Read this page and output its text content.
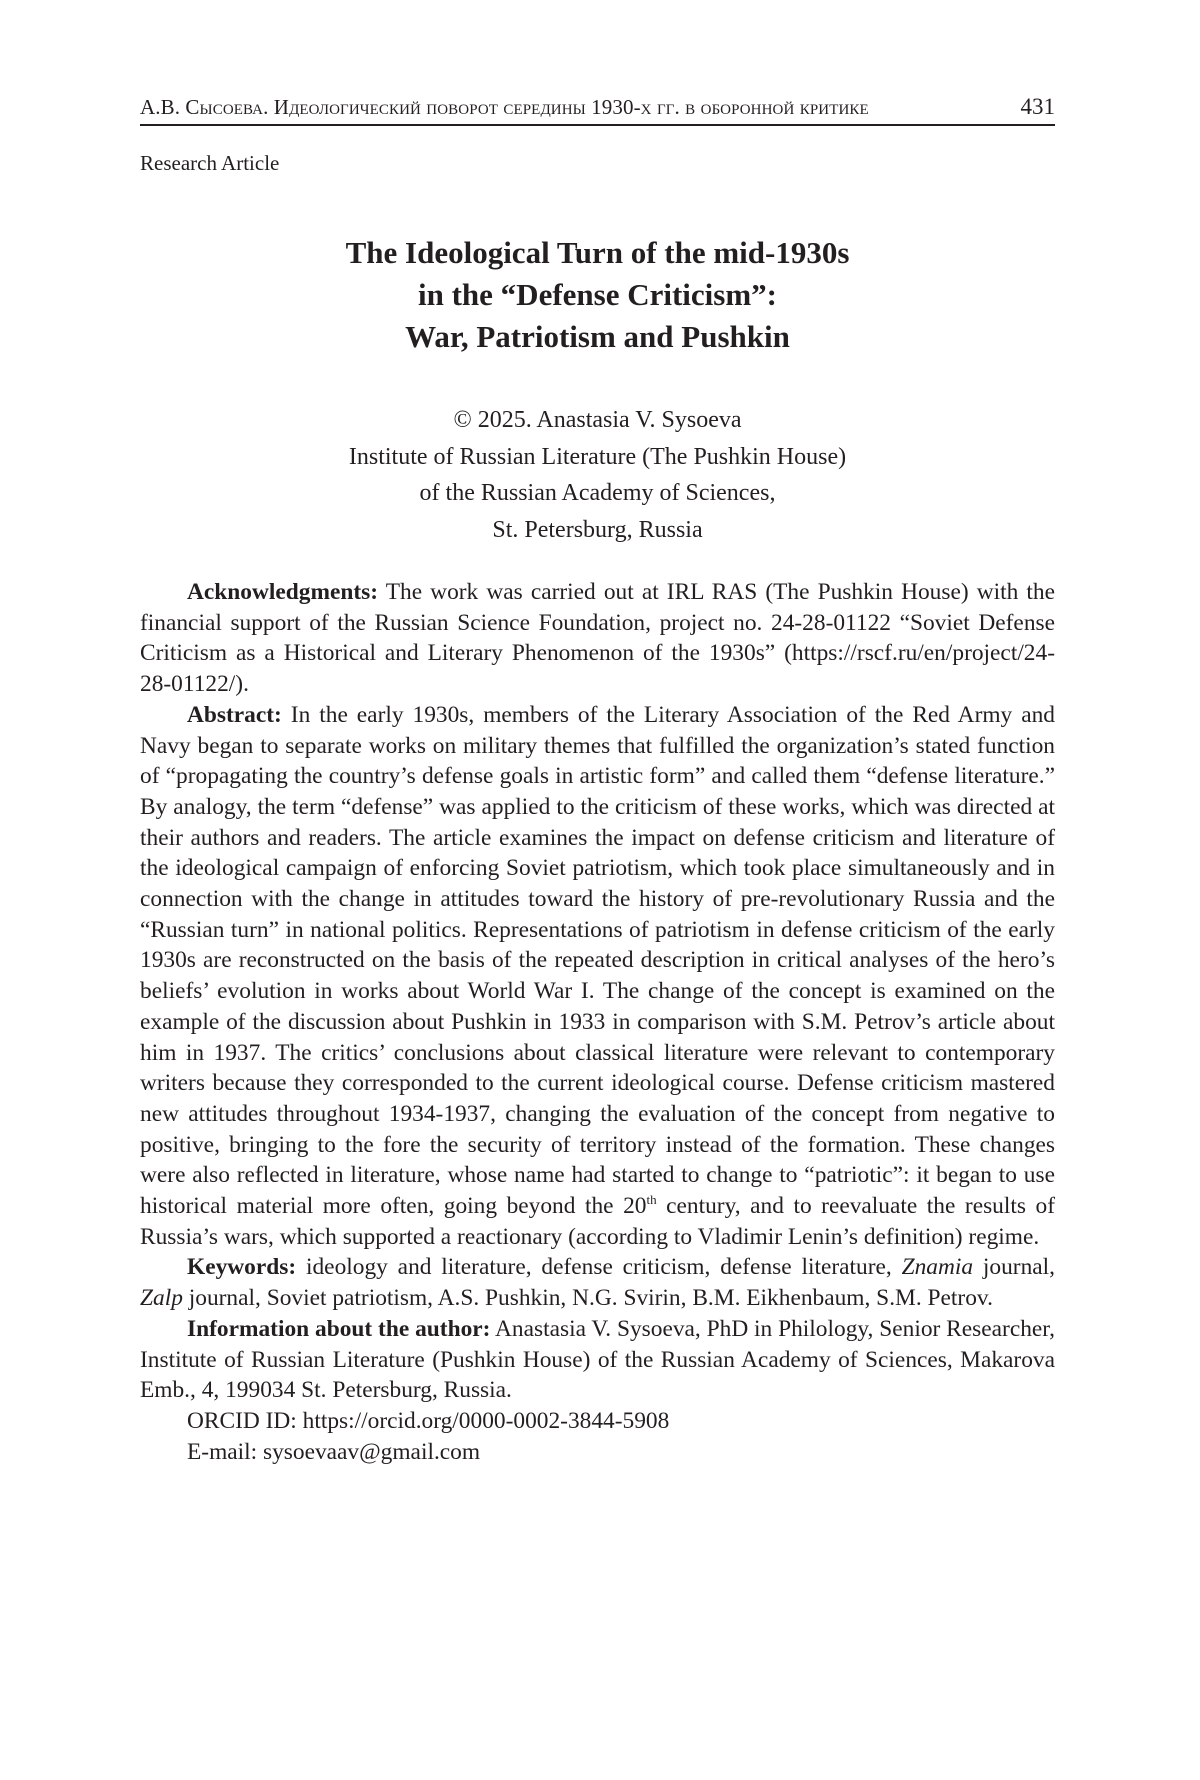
А.В. Сысоева. Идеологический поворот середины 1930-х гг. в оборонной критике	431
Research Article
The Ideological Turn of the mid-1930s
in the “Defense Criticism”:
War, Patriotism and Pushkin
© 2025. Anastasia V. Sysoeva
Institute of Russian Literature (The Pushkin House)
of the Russian Academy of Sciences,
St. Petersburg, Russia

Acknowledgments: The work was carried out at IRL RAS (The Pushkin House) with the financial support of the Russian Science Foundation, project no. 24-28-01122 “Soviet Defense Criticism as a Historical and Literary Phenomenon of the 1930s” (https://rscf.ru/en/project/24-28-01122/).

Abstract: In the early 1930s, members of the Literary Association of the Red Army and Navy began to separate works on military themes that fulfilled the organization’s stated function of “propagating the country’s defense goals in artistic form” and called them “defense literature.” By analogy, the term “defense” was applied to the criticism of these works, which was directed at their authors and readers. The article examines the impact on defense criticism and literature of the ideological campaign of enforcing Soviet patriotism, which took place simultaneously and in connection with the change in attitudes toward the history of pre-revolutionary Russia and the “Russian turn” in national politics. Representations of patriotism in defense criticism of the early 1930s are reconstructed on the basis of the repeated description in critical analyses of the hero’s beliefs’ evolution in works about World War I. The change of the concept is examined on the example of the discussion about Pushkin in 1933 in comparison with S.M. Petrov’s article about him in 1937. The critics’ conclusions about classical literature were relevant to contemporary writers because they corresponded to the current ideological course. Defense criticism mastered new attitudes throughout 1934-1937, changing the evaluation of the concept from negative to positive, bringing to the fore the security of territory instead of the formation. These changes were also reflected in literature, whose name had started to change to “patriotic”: it began to use historical material more often, going beyond the 20th century, and to reevaluate the results of Russia’s wars, which supported a reactionary (according to Vladimir Lenin’s definition) regime.

Keywords: ideology and literature, defense criticism, defense literature, Znamia journal, Zalp journal, Soviet patriotism, A.S. Pushkin, N.G. Svirin, B.M. Eikhenbaum, S.M. Petrov.

Information about the author: Anastasia V. Sysoeva, PhD in Philology, Senior Researcher, Institute of Russian Literature (Pushkin House) of the Russian Academy of Sciences, Makarova Emb., 4, 199034 St. Petersburg, Russia.

ORCID ID: https://orcid.org/0000-0002-3844-5908

E-mail: sysoevaav@gmail.com
